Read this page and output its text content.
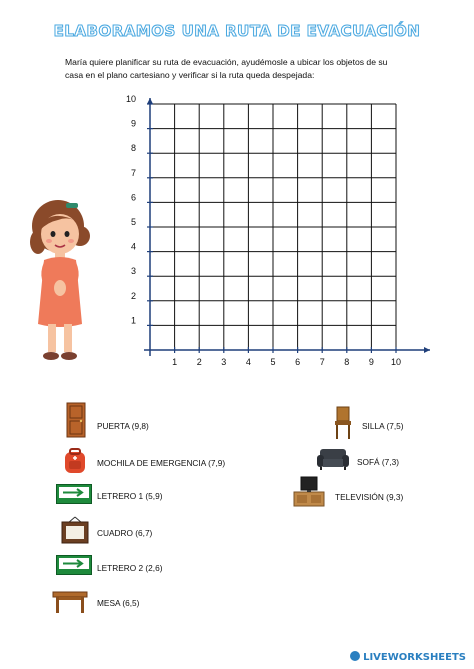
ELABORAMOS UNA RUTA DE EVACUACIÓN
María quiere planificar su ruta de evacuación, ayudémosle a ubicar los objetos de su
casa en el plano cartesiano y verificar si la ruta queda despejada:
1 2 3 4 5 6 7 8 9 10
1
2
3
4
5
6
7
8
9
10
PUERTA (9,8)
MOCHILA DE EMERGENCIA (7,9)
LETRERO 1 (5,9)
CUADRO (6,7)
LETRERO 2 (2,6)
MESA (6,5)
SILLA (7,5)
SOFÁ (7,3)
TELEVISIÓN (9,3)
LIVEWORKSHEETS
